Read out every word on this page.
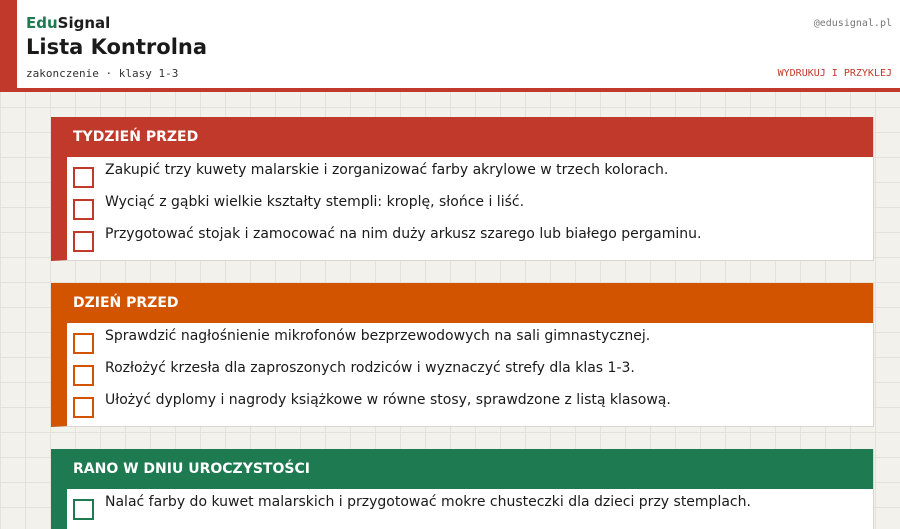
EduSignal
Lista Kontrolna
zakonczenie · klasy 1-3
@edusignal.pl
WYDRUKUJ I PRZYKLEJ
TYDZIEŃ PRZED
Zakupić trzy kuwety malarskie i zorganizować farby akrylowe w trzech kolorach.
Wyciąć z gąbki wielkie kształty stempli: kroplę, słońce i liść.
Przygotować stojak i zamocować na nim duży arkusz szarego lub białego pergaminu.
DZIEŃ PRZED
Sprawdzić nagłośnienie mikrofonów bezprzewodowych na sali gimnastycznej.
Rozłożyć krzesła dla zaproszonych rodziców i wyznaczyć strefy dla klas 1-3.
Ułożyć dyplomy i nagrody książkowe w równe stosy, sprawdzone z listą klasową.
RANO W DNIU UROCZYSTOŚCI
Nalać farby do kuwet malarskich i przygotować mokre chusteczki dla dzieci przy stemplach.
